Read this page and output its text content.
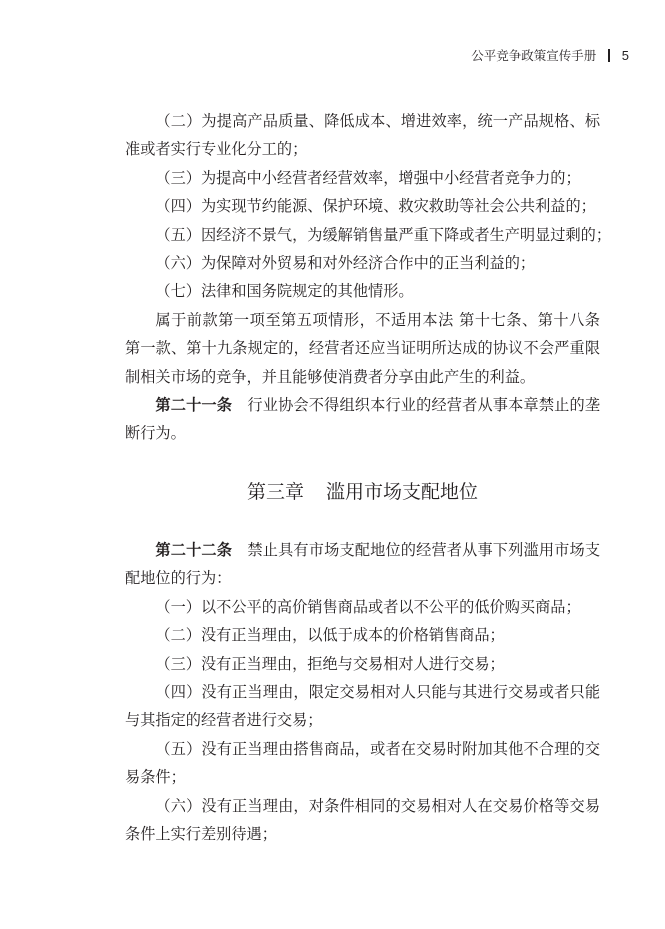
公平竞争政策宣传手册 5

（二）为提高产品质量、降低成本、增进效率，统一产品规格、标准或者实行专业化分工的；

（三）为提高中小经营者经营效率，增强中小经营者竞争力的；

（四）为实现节约能源、保护环境、救灾救助等社会公共利益的；

（五）因经济不景气，为缓解销售量严重下降或者生产明显过剩的；

（六）为保障对外贸易和对外经济合作中的正当利益的；

（七）法律和国务院规定的其他情形。

属于前款第一项至第五项情形，不适用本法 第十七条、第十八条第一款、第十九条规定的，经营者还应当证明所达成的协议不会严重限制相关市场的竞争，并且能够使消费者分享由此产生的利益。

第二十一条　 行业协会不得组织本行业的经营者从事本章禁止的垄断行为。

第三章 滥用市场支配地位

第二十二条　 禁止具有市场支配地位的经营者从事下列滥用市场支配地位的行为：

（一）以不公平的高价销售商品或者以不公平的低价购买商品；

（二）没有正当理由，以低于成本的价格销售商品；

（三）没有正当理由，拒绝与交易相对人进行交易；

（四）没有正当理由，限定交易相对人只能与其进行交易或者只能与其指定的经营者进行交易；

（五）没有正当理由搭售商品，或者在交易时附加其他不合理的交易条件；

（六）没有正当理由，对条件相同的交易相对人在交易价格等交易条件上实行差别待遇；
